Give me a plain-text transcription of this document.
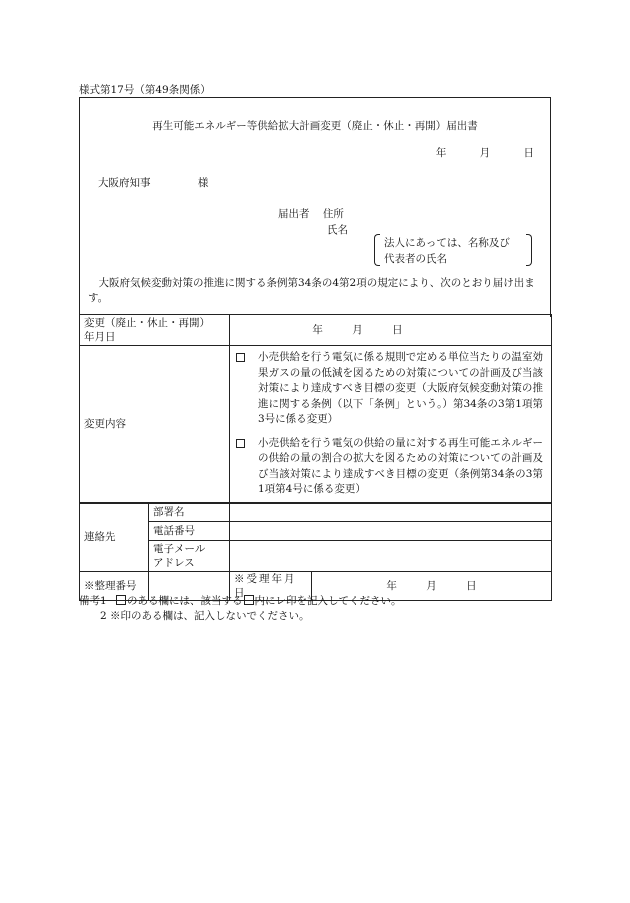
様式第17号（第49条関係）
再生可能エネルギー等供給拡大計画変更（廃止・休止・再開）届出書
年	月	日
大阪府知事	様
届出者 住所
氏名
法人にあっては、名称及び
代表者の氏名
大阪府気候変動対策の推進に関する条例第34条の4第2項の規定により、次のとおり届け出ます。
変更（廃止・休止・再開）
年月日		年 月 日	
変更内容		小売供給を行う電気に係る規則で定める単位当たりの温室効果ガスの量の低減を図るための対策についての計画及び当該対策により達成すべき目標の変更（大阪府気候変動対策の推進に関する条例（以下「条例」という。）第34条の3第1項第3号に係る変更）
小売供給を行う電気の供給の量に対する再生可能エネルギーの供給の量の割合の拡大を図るための対策についての計画及び当該対策により達成すべき目標の変更（条例第34条の3第1項第4号に係る変更）	

連絡先	部署名		
	電話番号		

	電子メール
アドレス		

※整理番号		※受理年月日	年 月 日
備考1 のある欄には、該当する 内にレ印を記入してください。
2 ※印のある欄は、記入しないでください。
